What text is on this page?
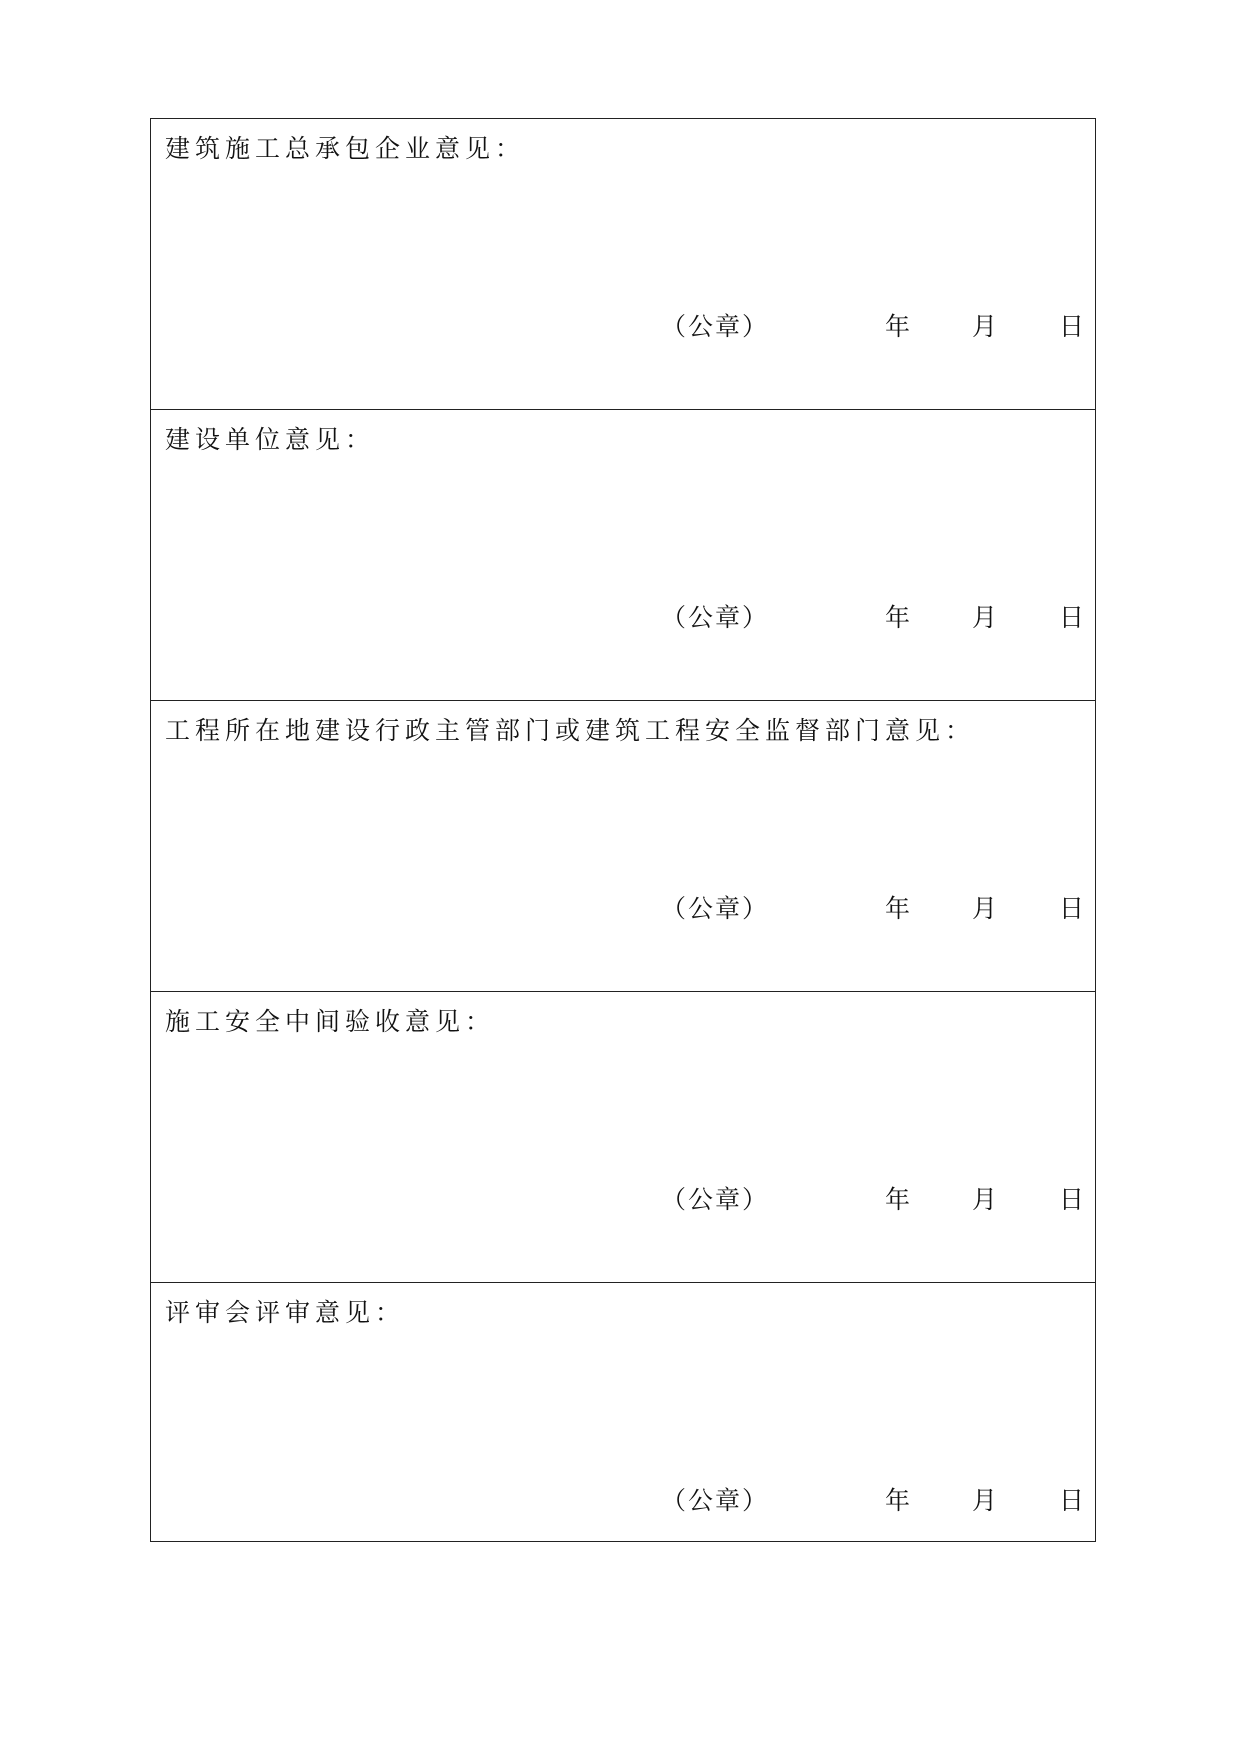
建筑施工总承包企业意见：
（公章）	年 月 日
建设单位意见：
（公章）	年 月 日
工程所在地建设行政主管部门或建筑工程安全监督部门意见：
（公章）	年 月 日
施工安全中间验收意见：
（公章）	年 月 日
评审会评审意见：
（公章）	年 月 日
